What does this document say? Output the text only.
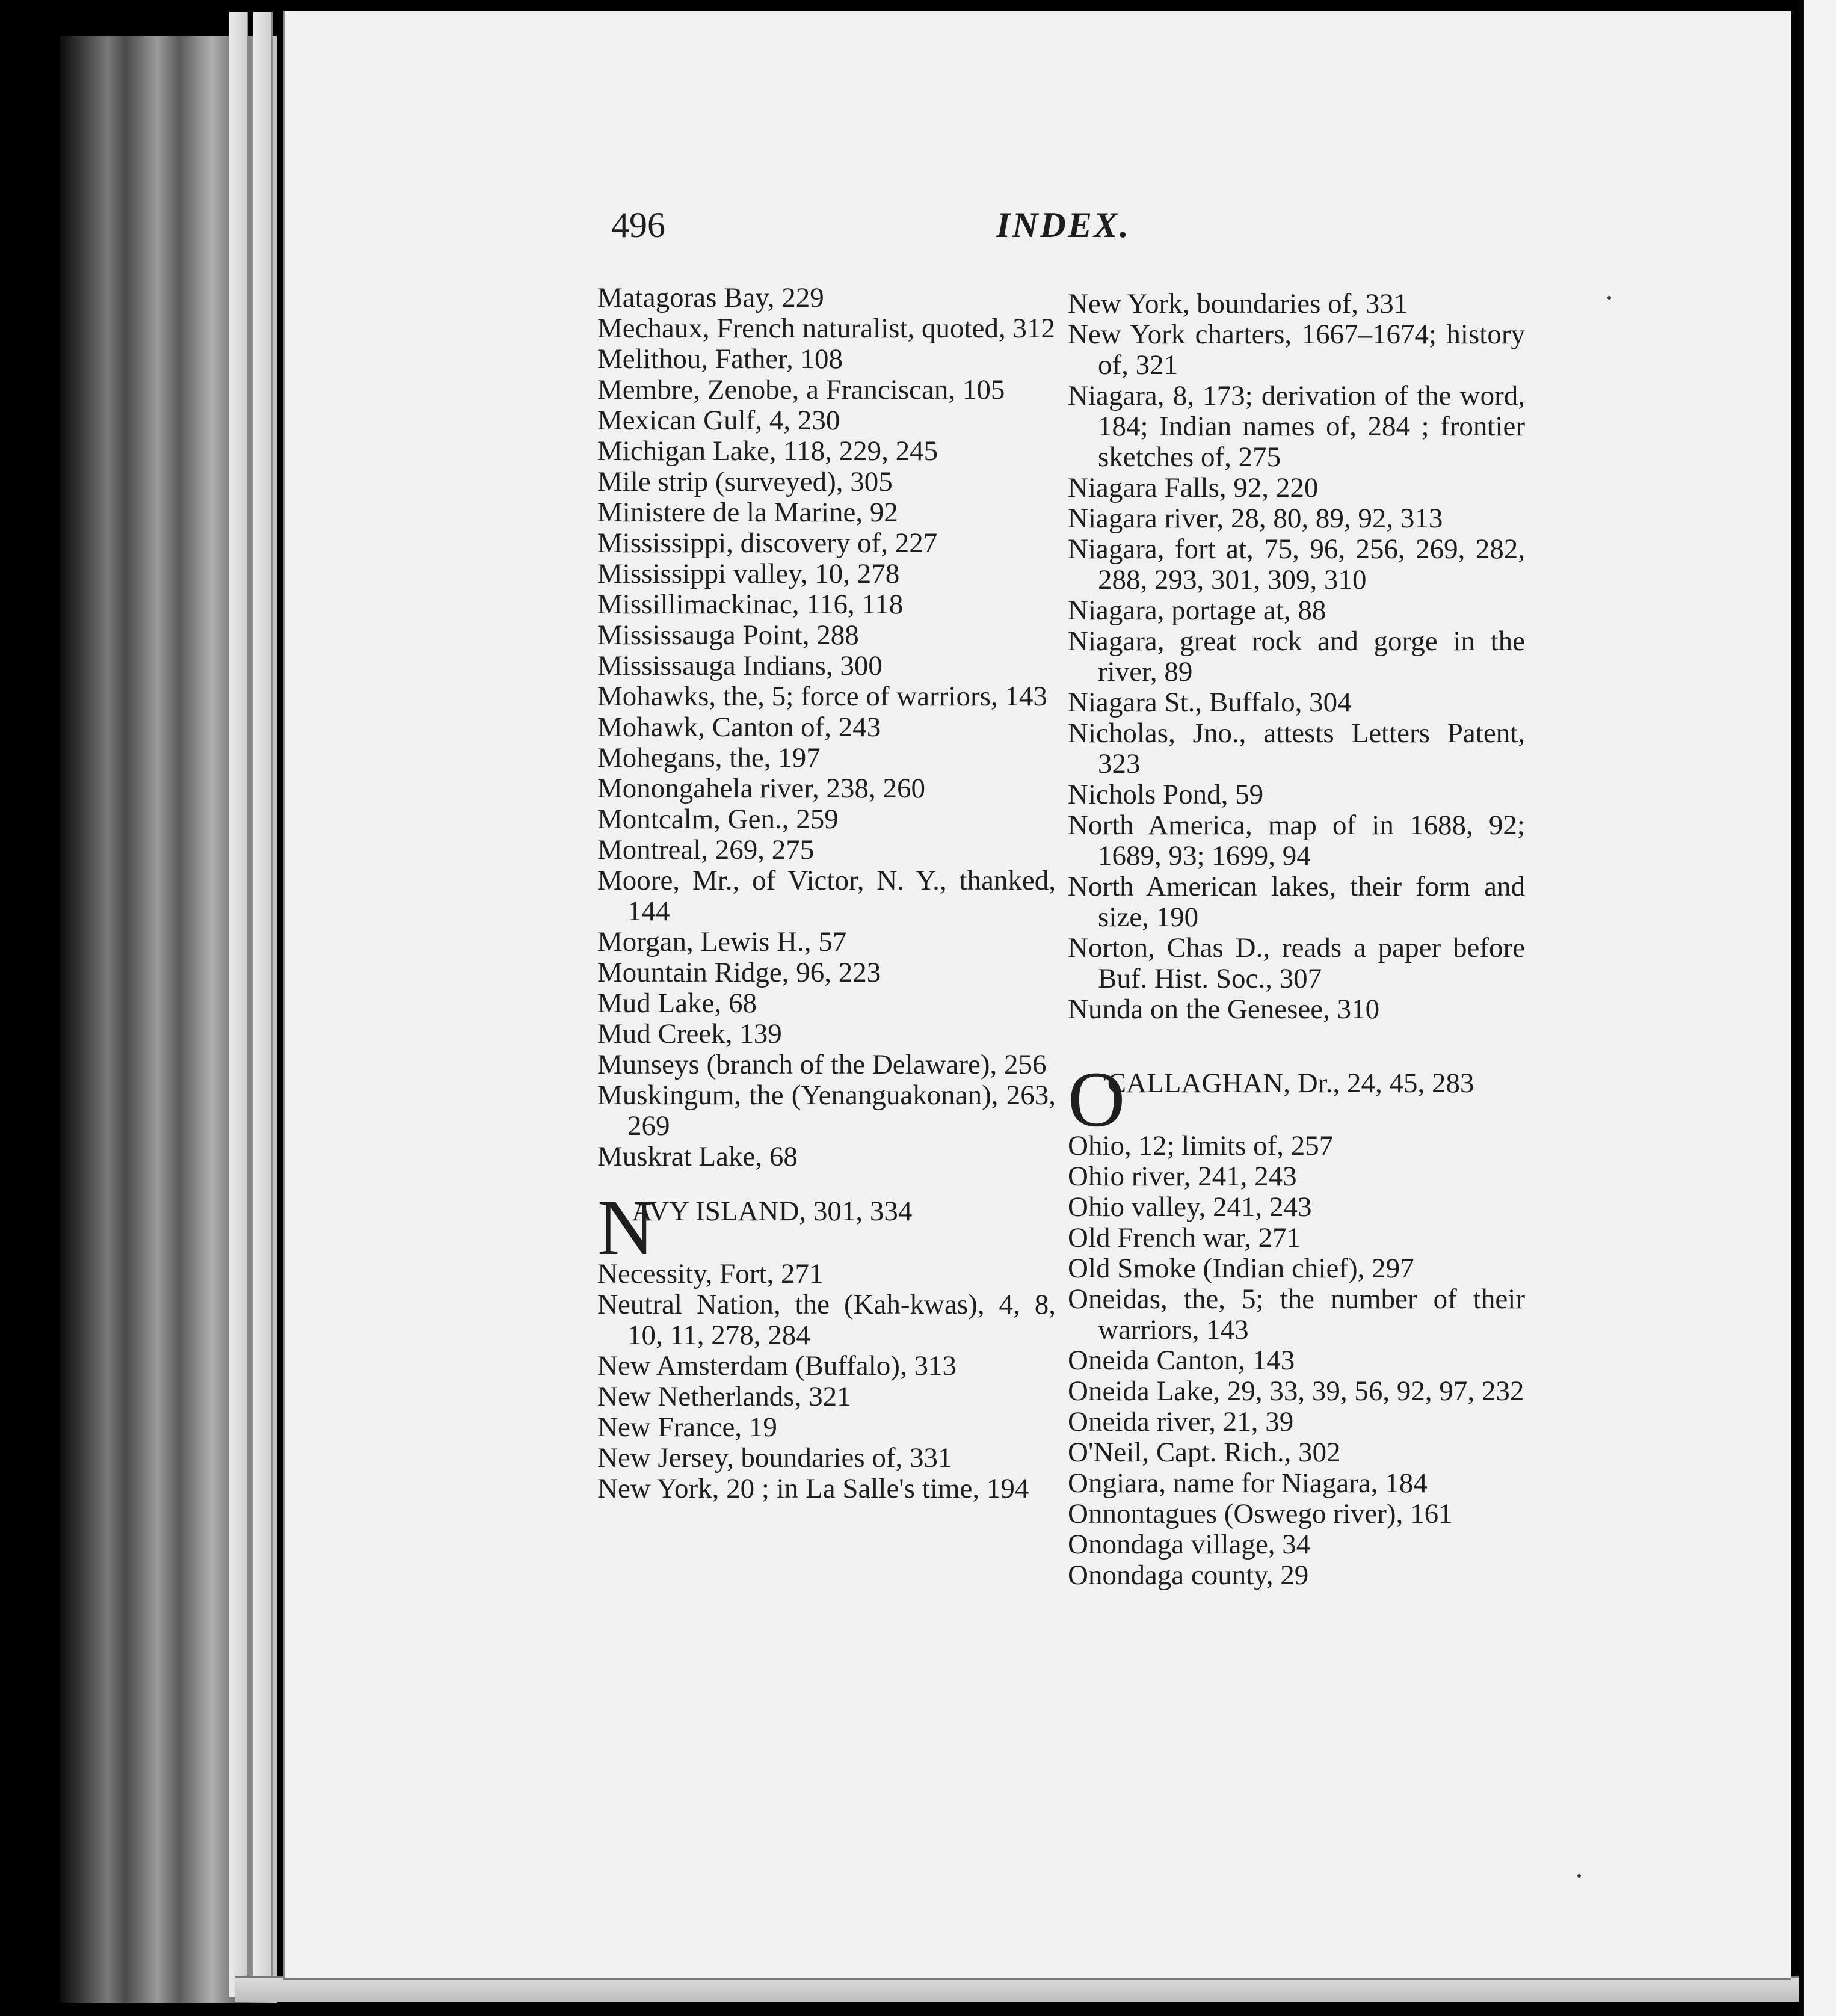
496	INDEX.
Matagoras Bay, 229
Mechaux, French naturalist, quoted, 312
Melithou, Father, 108
Membre, Zenobe, a Franciscan, 105
Mexican Gulf, 4, 230
Michigan Lake, 118, 229, 245
Mile strip (surveyed), 305
Ministere de la Marine, 92
Mississippi, discovery of, 227
Mississippi valley, 10, 278
Missillimackinac, 116, 118
Mississauga Point, 288
Mississauga Indians, 300
Mohawks, the, 5; force of warriors, 143
Mohawk, Canton of, 243
Mohegans, the, 197
Monongahela river, 238, 260
Montcalm, Gen., 259
Montreal, 269, 275
Moore, Mr., of Victor, N. Y., thanked, 144
Morgan, Lewis H., 57
Mountain Ridge, 96, 223
Mud Lake, 68
Mud Creek, 139
Munseys (branch of the Delaware), 256
Muskingum, the (Yenanguakonan), 263, 269
Muskrat Lake, 68
N
AVY ISLAND, 301, 334
Necessity, Fort, 271
Neutral Nation, the (Kah-kwas), 4, 8, 10, 11, 278, 284
New Amsterdam (Buffalo), 313
New Netherlands, 321
New France, 19
New Jersey, boundaries of, 331
New York, 20 ; in La Salle's time, 194
New York, boundaries of, 331
New York charters, 1667–1674; history of, 321
Niagara, 8, 173; derivation of the word, 184; Indian names of, 284 ; frontier sketches of, 275
Niagara Falls, 92, 220
Niagara river, 28, 80, 89, 92, 313
Niagara, fort at, 75, 96, 256, 269, 282, 288, 293, 301, 309, 310
Niagara, portage at, 88
Niagara, great rock and gorge in the river, 89
Niagara St., Buffalo, 304
Nicholas, Jno., attests Letters Patent, 323
Nichols Pond, 59
North America, map of in 1688, 92; 1689, 93; 1699, 94
North American lakes, their form and size, 190
Norton, Chas D., reads a paper before Buf. Hist. Soc., 307
Nunda on the Genesee, 310
O
'CALLAGHAN, Dr., 24, 45, 283
Ohio, 12; limits of, 257
Ohio river, 241, 243
Ohio valley, 241, 243
Old French war, 271
Old Smoke (Indian chief), 297
Oneidas, the, 5; the number of their warriors, 143
Oneida Canton, 143
Oneida Lake, 29, 33, 39, 56, 92, 97, 232
Oneida river, 21, 39
O'Neil, Capt. Rich., 302
Ongiara, name for Niagara, 184
Onnontagues (Oswego river), 161
Onondaga village, 34
Onondaga county, 29
